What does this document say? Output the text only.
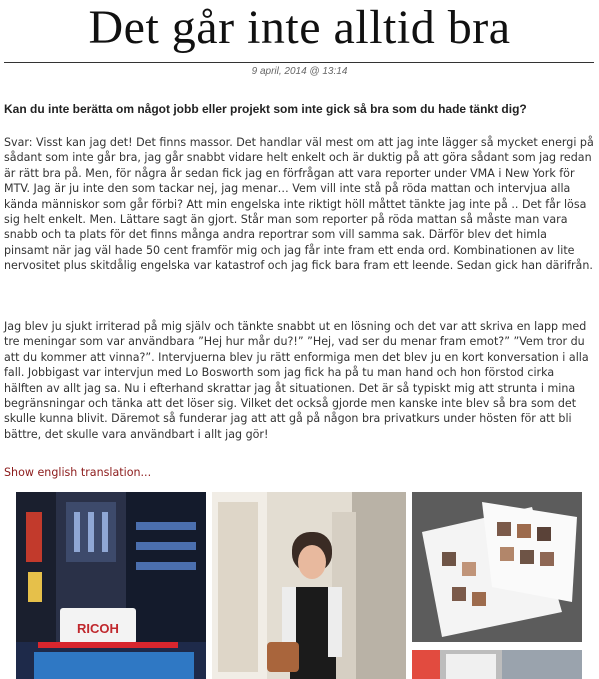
Det går inte alltid bra
9 april, 2014 @ 13:14
Kan du inte berätta om något jobb eller projekt som inte gick så bra som du hade tänkt dig?

Svar: Visst kan jag det! Det finns massor. Det handlar väl mest om att jag inte lägger så mycket energi på sådant som inte går bra, jag går snabbt vidare helt enkelt och är duktig på att göra sådant som jag redan är rätt bra på. Men, för några år sedan fick jag en förfrågan att vara reporter under VMA i New York för MTV. Jag är ju inte den som tackar nej, jag menar… Vem vill inte stå på röda mattan och intervjua alla kända människor som går förbi? Att min engelska inte riktigt höll måttet tänkte jag inte på .. Det får lösa sig helt enkelt. Men. Lättare sagt än gjort. Står man som reporter på röda mattan så måste man vara snabb och ta plats för det finns många andra reportrar som vill samma sak. Därför blev det himla pinsamt när jag väl hade 50 cent framför mig och jag får inte fram ett enda ord. Kombinationen av lite nervositet plus skitdålig engelska var katastrof och jag fick bara fram ett leende. Sedan gick han därifrån.

Jag blev ju sjukt irriterad på mig själv och tänkte snabbt ut en lösning och det var att skriva en lapp med tre meningar som var användbara ”Hej hur mår du?!” ”Hej, vad ser du menar fram emot?” ”Vem tror du att du kommer att vinna?”. Intervjuerna blev ju rätt enformiga men det blev ju en kort konversation i alla fall. Jobbigast var intervjun med Lo Bosworth som jag fick ha på tu man hand och hon förstod cirka hälften av allt jag sa. Nu i efterhand skrattar jag åt situationen. Det är så typiskt mig att strunta i mina begränsningar och tänka att det löser sig. Vilket det också gjorde men kanske inte blev så bra som det skulle kunna blivit. Däremot så funderar jag att att gå på någon bra privatkurs under hösten för att bli bättre, det skulle vara användbart i allt jag gör!

Show english translation...
RICOH
